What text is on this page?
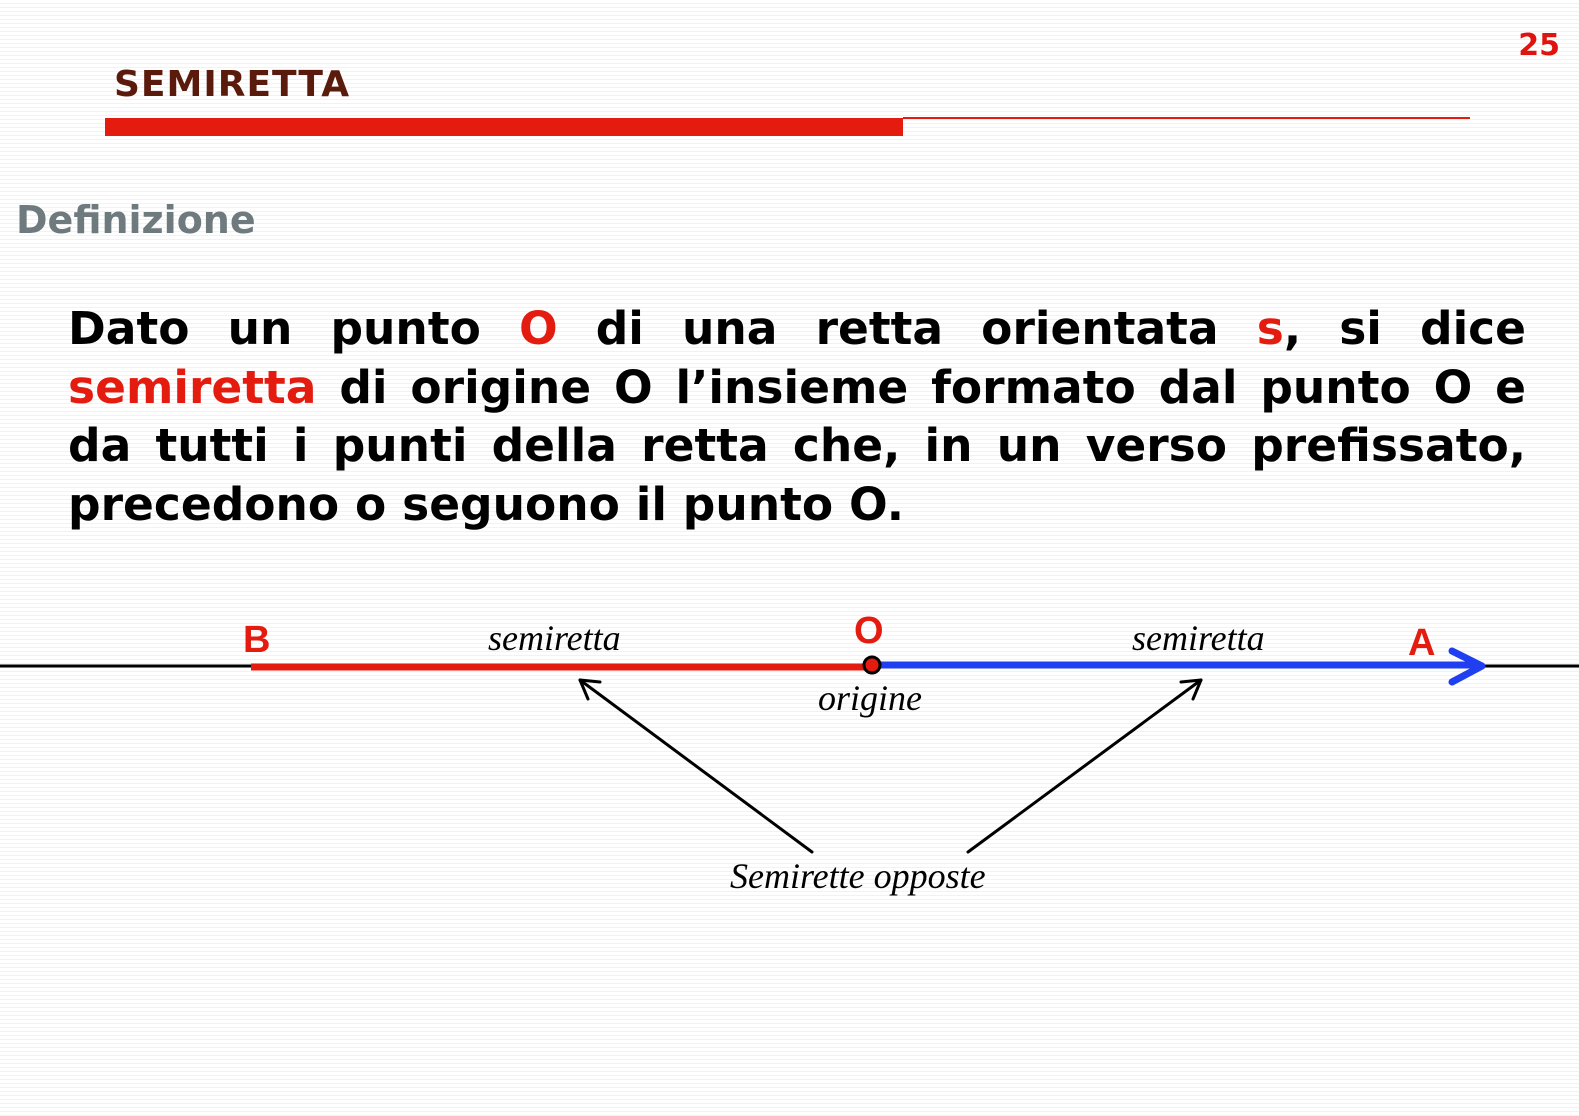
25
SEMIRETTA
Definizione
Dato un punto O di una retta orientata s, si dice semiretta di origine O l’insieme formato dal punto O e da tutti i punti della retta che, in un verso prefissato, precedono o seguono il punto O.
B	O	A
semiretta	semiretta
origine
Semirette opposte
